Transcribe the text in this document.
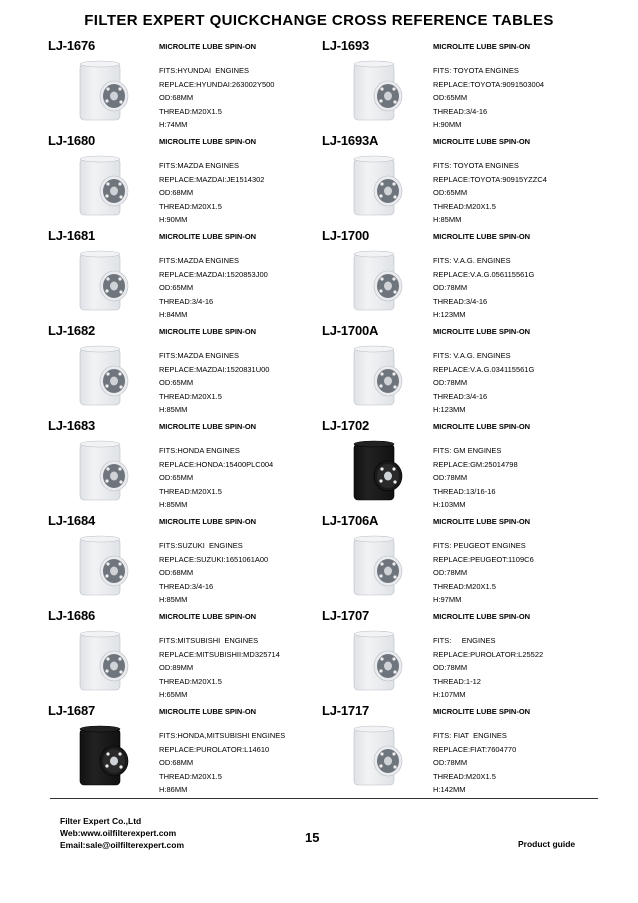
FILTER EXPERT QUICKCHANGE CROSS REFERENCE TABLES
LJ-1676	MICROLITE LUBE SPIN-ON
FITS:HYUNDAI  ENGINES
REPLACE:HYUNDAI:263002Y500
OD:68MM
THREAD:M20X1.5
H:74MM
LJ-1693	MICROLITE LUBE SPIN-ON
FITS: TOYOTA ENGINES
REPLACE:TOYOTA:9091503004
OD:65MM
THREAD:3/4-16
H:90MM
LJ-1680	MICROLITE LUBE SPIN-ON
FITS:MAZDA ENGINES
REPLACE:MAZDAI:JE1514302
OD:68MM
THREAD:M20X1.5
H:90MM
LJ-1693A	MICROLITE LUBE SPIN-ON
FITS: TOYOTA ENGINES
REPLACE:TOYOTA:90915YZZC4
OD:65MM
THREAD:M20X1.5
H:85MM
LJ-1681	MICROLITE LUBE SPIN-ON
FITS:MAZDA ENGINES
REPLACE:MAZDAI:1520853J00
OD:65MM
THREAD:3/4-16
H:84MM
LJ-1700	MICROLITE LUBE SPIN-ON
FITS: V.A.G. ENGINES
REPLACE:V.A.G.056115561G
OD:78MM
THREAD:3/4-16
H:123MM
LJ-1682	MICROLITE LUBE SPIN-ON
FITS:MAZDA ENGINES
REPLACE:MAZDAI:1520831U00
OD:65MM
THREAD:M20X1.5
H:85MM
LJ-1700A	MICROLITE LUBE SPIN-ON
FITS: V.A.G. ENGINES
REPLACE:V.A.G.034115561G
OD:78MM
THREAD:3/4-16
H:123MM
LJ-1683	MICROLITE LUBE SPIN-ON
FITS:HONDA ENGINES
REPLACE:HONDA:15400PLC004
OD:65MM
THREAD:M20X1.5
H:85MM
LJ-1702	MICROLITE LUBE SPIN-ON
FITS: GM ENGINES
REPLACE:GM:25014798
OD:78MM
THREAD:13/16-16
H:103MM
LJ-1684	MICROLITE LUBE SPIN-ON
FITS:SUZUKI  ENGINES
REPLACE:SUZUKI:1651061A00
OD:68MM
THREAD:3/4-16
H:85MM
LJ-1706A	MICROLITE LUBE SPIN-ON
FITS: PEUGEOT ENGINES
REPLACE:PEUGEOT:1109C6
OD:78MM
THREAD:M20X1.5
H:97MM
LJ-1686	MICROLITE LUBE SPIN-ON
FITS:MITSUBISHI  ENGINES
REPLACE:MITSUBISHII:MD325714
OD:89MM
THREAD:M20X1.5
H:65MM
LJ-1707	MICROLITE LUBE SPIN-ON
FITS:     ENGINES
REPLACE:PUROLATOR:L25522
OD:78MM
THREAD:1-12
H:107MM
LJ-1687	MICROLITE LUBE SPIN-ON
FITS:HONDA,MITSUBISHI ENGINES
REPLACE:PUROLATOR:L14610
OD:68MM
THREAD:M20X1.5
H:86MM
LJ-1717	MICROLITE LUBE SPIN-ON
FITS: FIAT  ENGINES
REPLACE:FIAT:7604770
OD:78MM
THREAD:M20X1.5
H:142MM
Filter Expert Co.,Ltd
Web:www.oilfilterexpert.com
Email:sale@oilfilterexpert.com	15	Product guide
